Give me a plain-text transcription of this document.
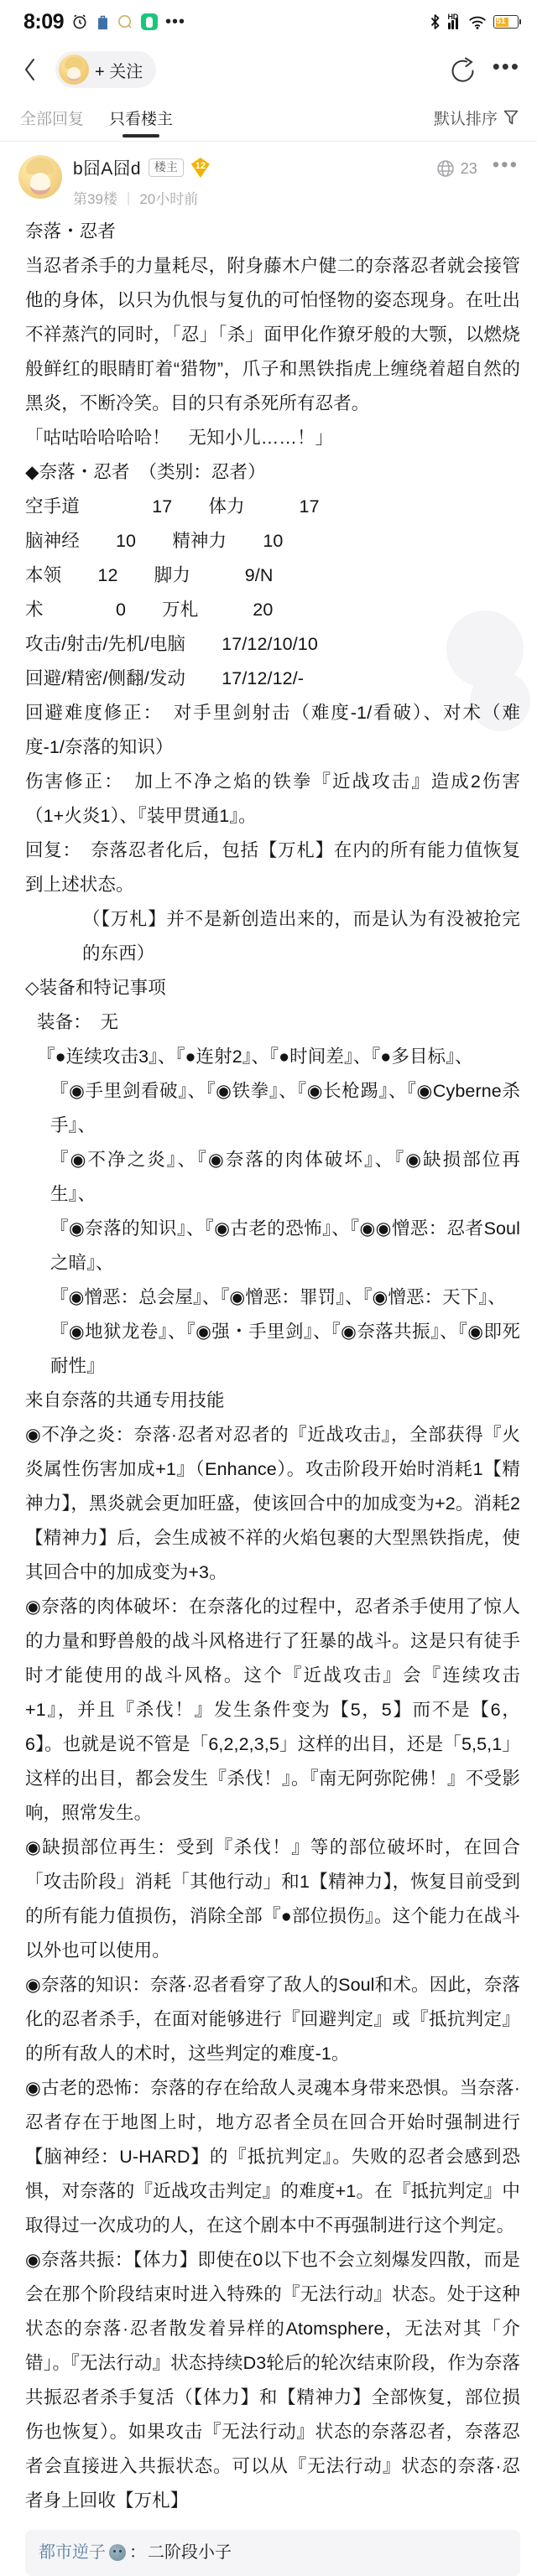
8:09	•••	HD
51
+ 关注	•••
全部回复 只看楼主	默认排序
b囧A囧d	楼主	12
第39楼 | 20小时前
23 •••

奈落・忍者

当忍者杀手的力量耗尽，附身藤木户健二的奈落忍者就会接管他的身体，以只为仇恨与复仇的可怕怪物的姿态现身。在吐出不祥蒸汽的同时，「忍」「杀」面甲化作獠牙般的大颚，以燃烧般鲜红的眼睛盯着“猎物”，爪子和黑铁指虎上缠绕着超自然的黑炎，不断冷笑。目的只有杀死所有忍者。

「咕咕哈哈哈哈！　无知小儿……！」

◆奈落・忍者　（类别：忍者）

空手道　　　　17　　体力　　　17

脑神经　　10　　精神力　　10

本领　　12　　脚力　　　9/N

术　　　　0　　万札　　　20

攻击/射击/先机/电脑　　17/12/10/10

回避/精密/侧翻/发动　　17/12/12/-

回避难度修正：　对手里剑射击（难度-1/看破）、对术（难度-1/奈落的知识）

伤害修正：　加上不净之焰的铁拳『近战攻击』造成2伤害（1+火炎1）、『装甲贯通1』。

回复：　奈落忍者化后，包括【万札】在内的所有能力值恢复到上述状态。

（【万札】并不是新创造出来的，而是认为有没被抢完的东西）

◇装备和特记事项

装备：　无

『●连续攻击3』、『●连射2』、『●时间差』、『●多目标』、

『◉手里剑看破』、『◉铁拳』、『◉长枪踢』、『◉Cyberne杀手』、

『◉不净之炎』、『◉奈落的肉体破坏』、『◉缺损部位再生』、

『◉奈落的知识』、『◉古老的恐怖』、『◉◉憎恶：忍者Soul之暗』、

『◉憎恶：总会屋』、『◉憎恶：罪罚』、『◉憎恶：天下』、

『◉地狱龙卷』、『◉强・手里剑』、『◉奈落共振』、『◉即死耐性』

来自奈落的共通专用技能

◉不净之炎：奈落·忍者对忍者的『近战攻击』，全部获得『火炎属性伤害加成+1』（Enhance）。攻击阶段开始时消耗1【精神力】，黑炎就会更加旺盛，使该回合中的加成变为+2。消耗2【精神力】后，会生成被不祥的火焰包裹的大型黑铁指虎，使其回合中的加成变为+3。

◉奈落的肉体破坏：在奈落化的过程中，忍者杀手使用了惊人的力量和野兽般的战斗风格进行了狂暴的战斗。这是只有徒手时才能使用的战斗风格。这个『近战攻击』会『连续攻击+1』，并且『杀伐！』发生条件变为【5，5】而不是【6，6】。也就是说不管是「6,2,2,3,5」这样的出目，还是「5,5,1」这样的出目，都会发生『杀伐！』。『南无阿弥陀佛！』不受影响，照常发生。

◉缺损部位再生：受到『杀伐！』等的部位破坏时，在回合「攻击阶段」消耗「其他行动」和1【精神力】，恢复目前受到的所有能力值损伤，消除全部『●部位损伤』。这个能力在战斗以外也可以使用。

◉奈落的知识：奈落·忍者看穿了敌人的Soul和术。因此，奈落化的忍者杀手，在面对能够进行『回避判定』或『抵抗判定』的所有敌人的术时，这些判定的难度-1。

◉古老的恐怖：奈落的存在给敌人灵魂本身带来恐惧。当奈落·忍者存在于地图上时，地方忍者全员在回合开始时强制进行【脑神经：U-HARD】的『抵抗判定』。失败的忍者会感到恐惧，对奈落的『近战攻击判定』的难度+1。在『抵抗判定』中取得过一次成功的人，在这个剧本中不再强制进行这个判定。

◉奈落共振：【体力】即使在0以下也不会立刻爆发四散，而是会在那个阶段结束时进入特殊的『无法行动』状态。处于这种状态的奈落·忍者散发着异样的Atomsphere，无法对其「介错」。『无法行动』状态持续D3轮后的轮次结束阶段，作为奈落共振忍者杀手复活（【体力】和【精神力】全部恢复，部位损伤也恢复）。如果攻击『无法行动』状态的奈落忍者，奈落忍者会直接进入共振状态。可以从『无法行动』状态的奈落·忍者身上回收【万札】

都市逆子 ： 二阶段小子
